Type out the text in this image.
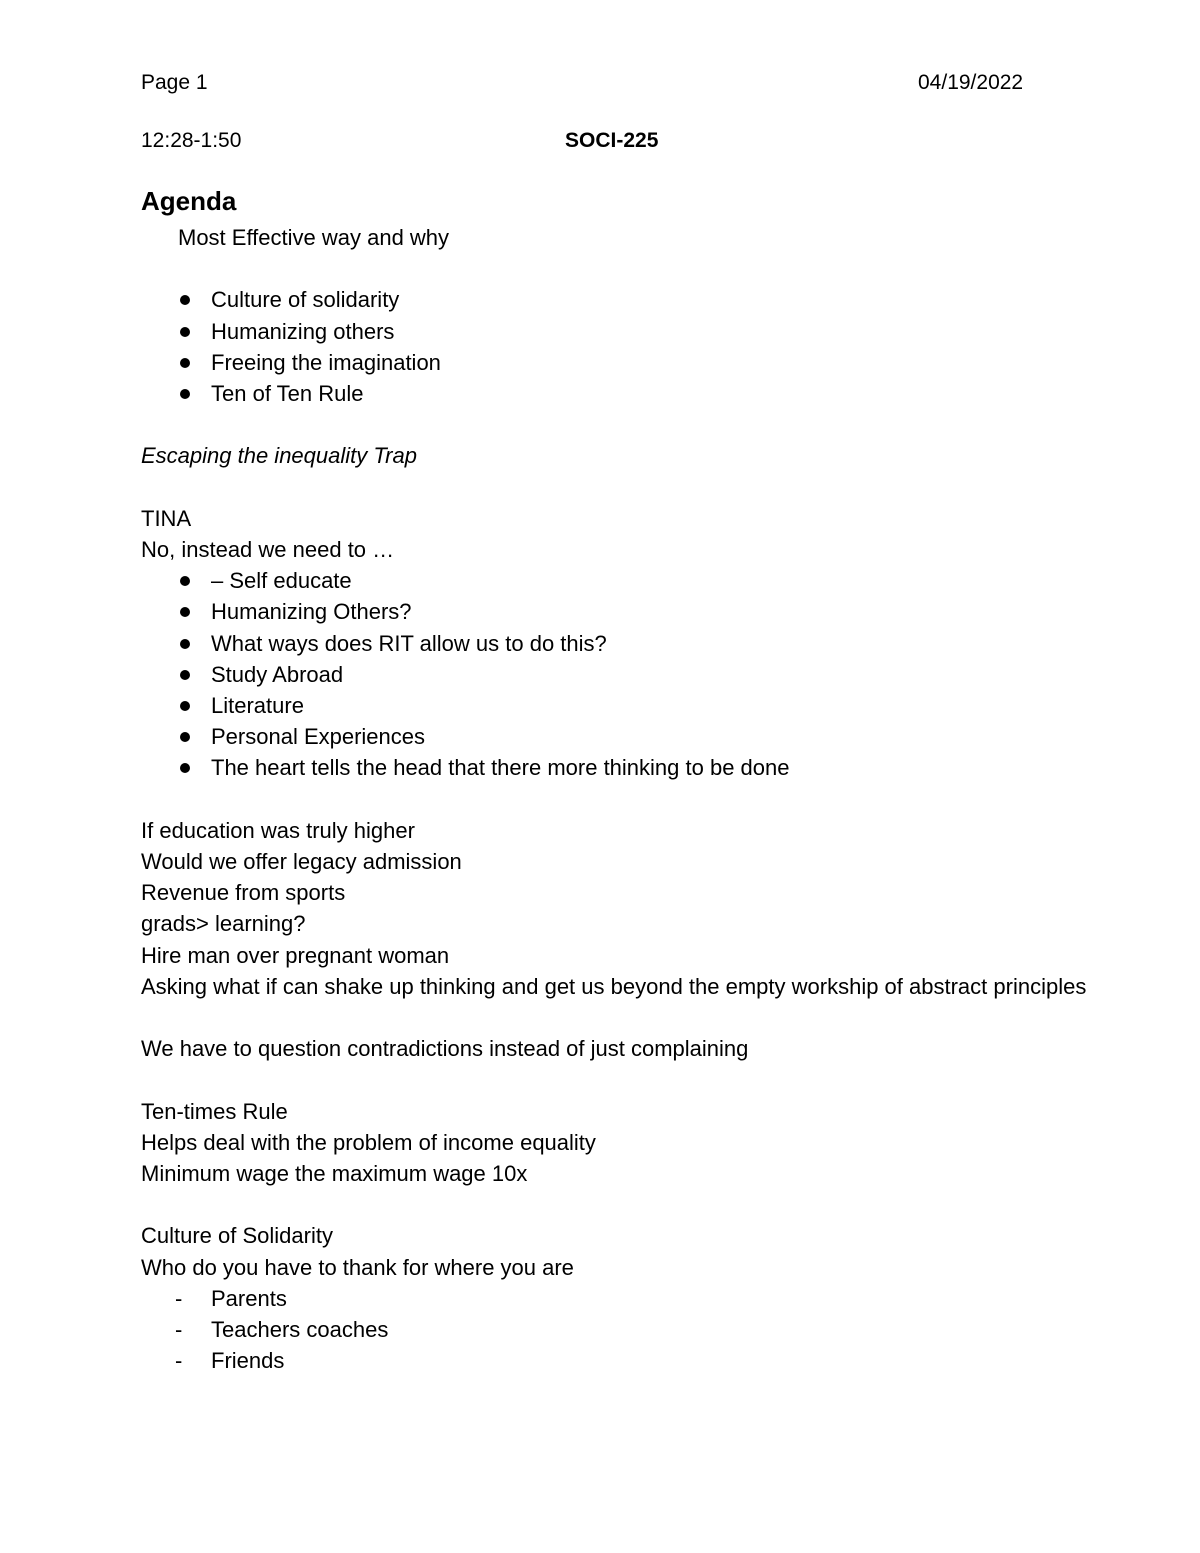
Page 1	04/19/2022
12:28-1:50	SOCI-225
Agenda

Most Effective way and why

Culture of solidarity
Humanizing others
Freeing the imagination
Ten of Ten Rule

Escaping the inequality Trap

TINA

No, instead we need to …

– Self educate
Humanizing Others?
What ways does RIT allow us to do this?
Study Abroad
Literature
Personal Experiences
The heart tells the head that there more thinking to be done

If education was truly higher

Would we offer legacy admission

Revenue from sports

grads> learning?

Hire man over pregnant woman

Asking what if can shake up thinking and get us beyond the empty workship of abstract principles

We have to question contradictions instead of just complaining

Ten-times Rule

Helps deal with the problem of income equality

Minimum wage the maximum wage 10x

Culture of Solidarity

Who do you have to thank for where you are

- Parents
- Teachers coaches
- Friends
